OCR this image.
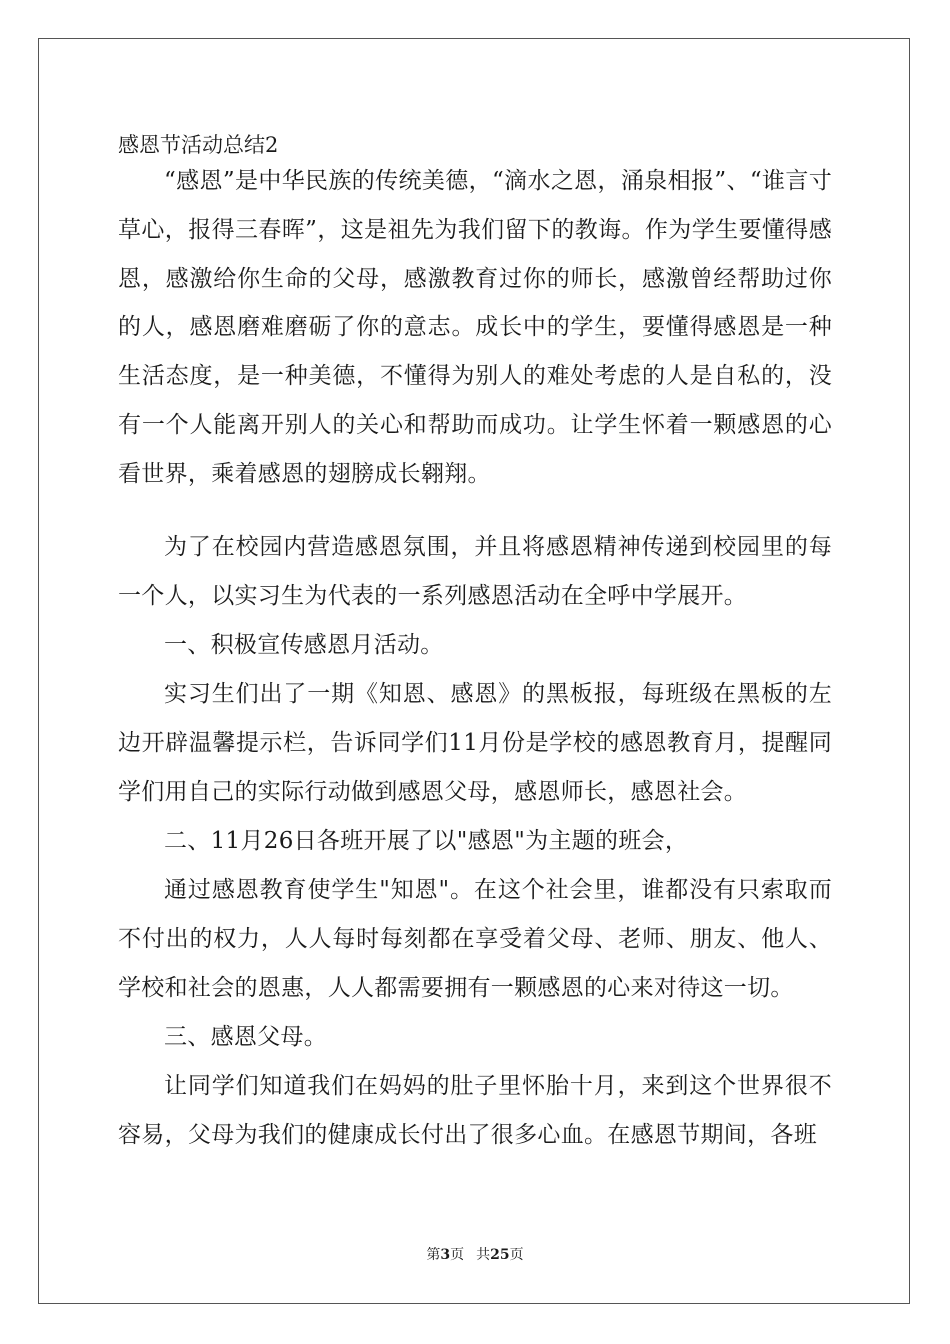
感恩节活动总结2

“感恩”是中华民族的传统美德，“滴水之恩，涌泉相报”、“谁言寸草心，报得三春晖”，这是祖先为我们留下的教诲。作为学生要懂得感恩，感激给你生命的父母，感激教育过你的师长，感激曾经帮助过你的人，感恩磨难磨砺了你的意志。成长中的学生，要懂得感恩是一种生活态度，是一种美德，不懂得为别人的难处考虑的人是自私的，没有一个人能离开别人的关心和帮助而成功。让学生怀着一颗感恩的心看世界，乘着感恩的翅膀成长翱翔。

为了在校园内营造感恩氛围，并且将感恩精神传递到校园里的每一个人，以实习生为代表的一系列感恩活动在全呼中学展开。

一、积极宣传感恩月活动。

实习生们出了一期《知恩、感恩》的黑板报，每班级在黑板的左边开辟温馨提示栏，告诉同学们11月份是学校的感恩教育月，提醒同学们用自己的实际行动做到感恩父母，感恩师长，感恩社会。

二、11月26日各班开展了以"感恩"为主题的班会，

通过感恩教育使学生"知恩"。在这个社会里，谁都没有只索取而不付出的权力，人人每时每刻都在享受着父母、老师、朋友、他人、学校和社会的恩惠，人人都需要拥有一颗感恩的心来对待这一切。

三、感恩父母。

让同学们知道我们在妈妈的肚子里怀胎十月，来到这个世界很不容易，父母为我们的健康成长付出了很多心血。在感恩节期间，各班

第3页 共25页
